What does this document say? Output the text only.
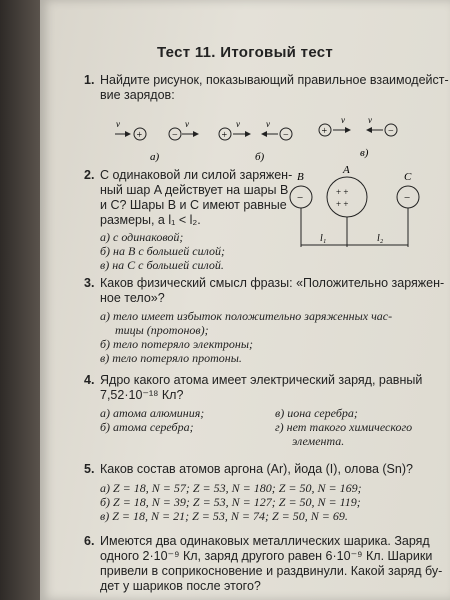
Тест 11. Итоговый тест
1. Найдите рисунок, показывающий правильное взаимодейст-
вие зарядов:
+	−
v	v
а)
+	−
v	v
б)
+	−
v	v
в)
2. С одинаковой ли силой заряжен-
ный шар A действует на шары B
и C? Шары B и C имеют равные
размеры, а l₁ < l₂.
а) с одинаковой;
б) на B с большей силой;
в) на C с большей силой.
B
A
C
−	+ +
+ +	−
l₁	l₂
3. Каков физический смысл фразы: «Положительно заряжен-
ное тело»?
а) тело имеет избыток положительно заряженных час-
тицы (протонов);
б) тело потеряло электроны;
в) тело потеряло протоны.
4. Ядро какого атома имеет электрический заряд, равный
7,52·10⁻¹⁸ Кл?
а) атома алюминия;
б) атома серебра;
в) иона серебра;
г) нет такого химического
элемента.
5. Каков состав атомов аргона (Ar), йода (I), олова (Sn)?
а) Z = 18, N = 57; Z = 53, N = 180; Z = 50, N = 169;
б) Z = 18, N = 39; Z = 53, N = 127; Z = 50, N = 119;
в) Z = 18, N = 21; Z = 53, N = 74; Z = 50, N = 69.
6. Имеются два одинаковых металлических шарика. Заряд
одного 2·10⁻⁹ Кл, заряд другого равен 6·10⁻⁹ Кл. Шарики
привели в соприкосновение и раздвинули. Какой заряд бу-
дет у шариков после этого?
